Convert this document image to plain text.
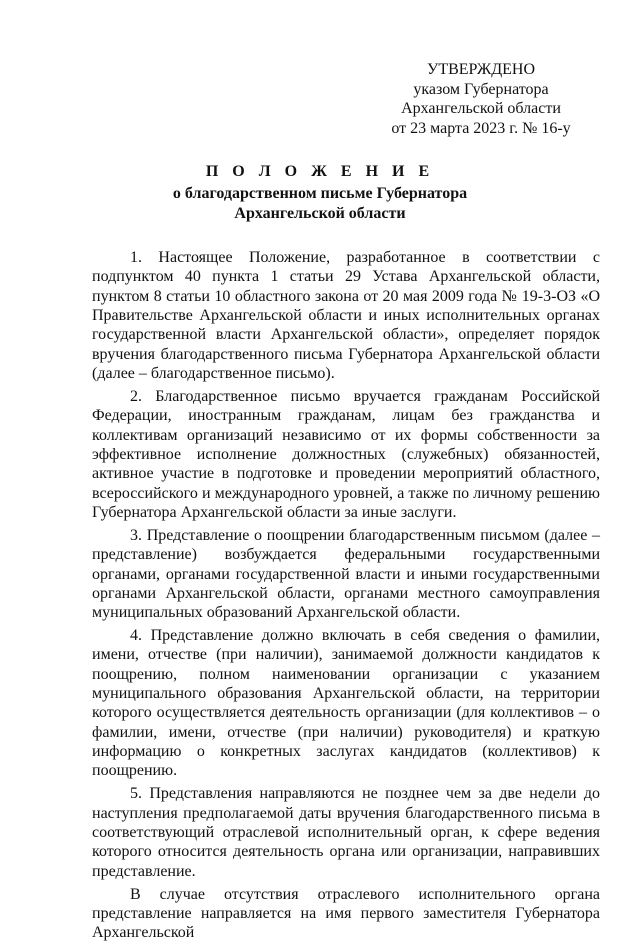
УТВЕРЖДЕНО
указом Губернатора
Архангельской области
от 23 марта 2023 г. № 16-у
П О Л О Ж Е Н И Е
о благодарственном письме Губернатора
Архангельской области

1. Настоящее Положение, разработанное в соответствии с подпунктом 40 пункта 1 статьи 29 Устава Архангельской области, пунктом 8 статьи 10 областного закона от 20 мая 2009 года № 19-3-ОЗ «О Правительстве Архангельской области и иных исполнительных органах государственной власти Архангельской области», определяет порядок вручения благодарственного письма Губернатора Архангельской области (далее – благодарственное письмо).

2. Благодарственное письмо вручается гражданам Российской Федерации, иностранным гражданам, лицам без гражданства и коллективам организаций независимо от их формы собственности за эффективное исполнение должностных (служебных) обязанностей, активное участие в подготовке и проведении мероприятий областного, всероссийского и международного уровней, а также по личному решению Губернатора Архангельской области за иные заслуги.

3. Представление о поощрении благодарственным письмом (далее – представление) возбуждается федеральными государственными органами, органами государственной власти и иными государственными органами Архангельской области, органами местного самоуправления муниципальных образований Архангельской области.

4. Представление должно включать в себя сведения о фамилии, имени, отчестве (при наличии), занимаемой должности кандидатов к поощрению, полном наименовании организации с указанием муниципального образования Архангельской области, на территории которого осуществляется деятельность организации (для коллективов – о фамилии, имени, отчестве (при наличии) руководителя) и краткую информацию о конкретных заслугах кандидатов (коллективов) к поощрению.

5. Представления направляются не позднее чем за две недели до наступления предполагаемой даты вручения благодарственного письма в соответствующий отраслевой исполнительный орган, к сфере ведения которого относится деятельность органа или организации, направивших представление.

В случае отсутствия отраслевого исполнительного органа представление направляется на имя первого заместителя Губернатора Архангельской
